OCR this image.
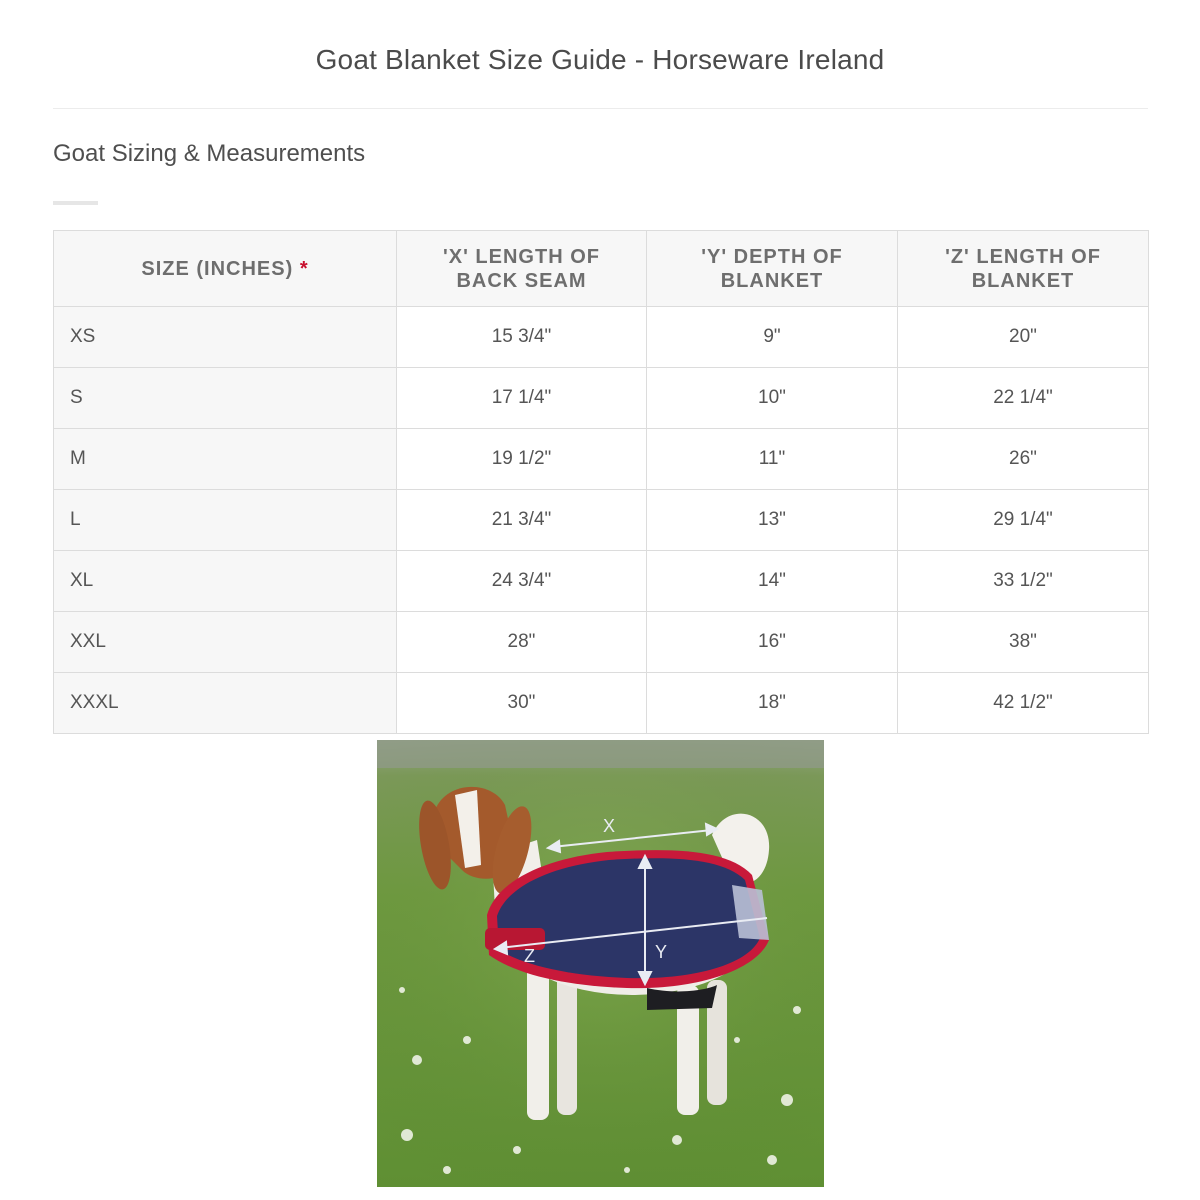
Goat Blanket Size Guide - Horseware Ireland
Goat Sizing & Measurements
SIZE (INCHES) *	'X' LENGTH OF BACK SEAM	'Y' DEPTH OF BLANKET	'Z' LENGTH OF BLANKET
XS	15 3/4"	9"	20"
S	17 1/4"	10"	22 1/4"
M	19 1/2"	11"	26"
L	21 3/4"	13"	29 1/4"
XL	24 3/4"	14"	33 1/2"
XXL	28"	16"	38"
XXXL	30"	18"	42 1/2"
X
Y
Z
